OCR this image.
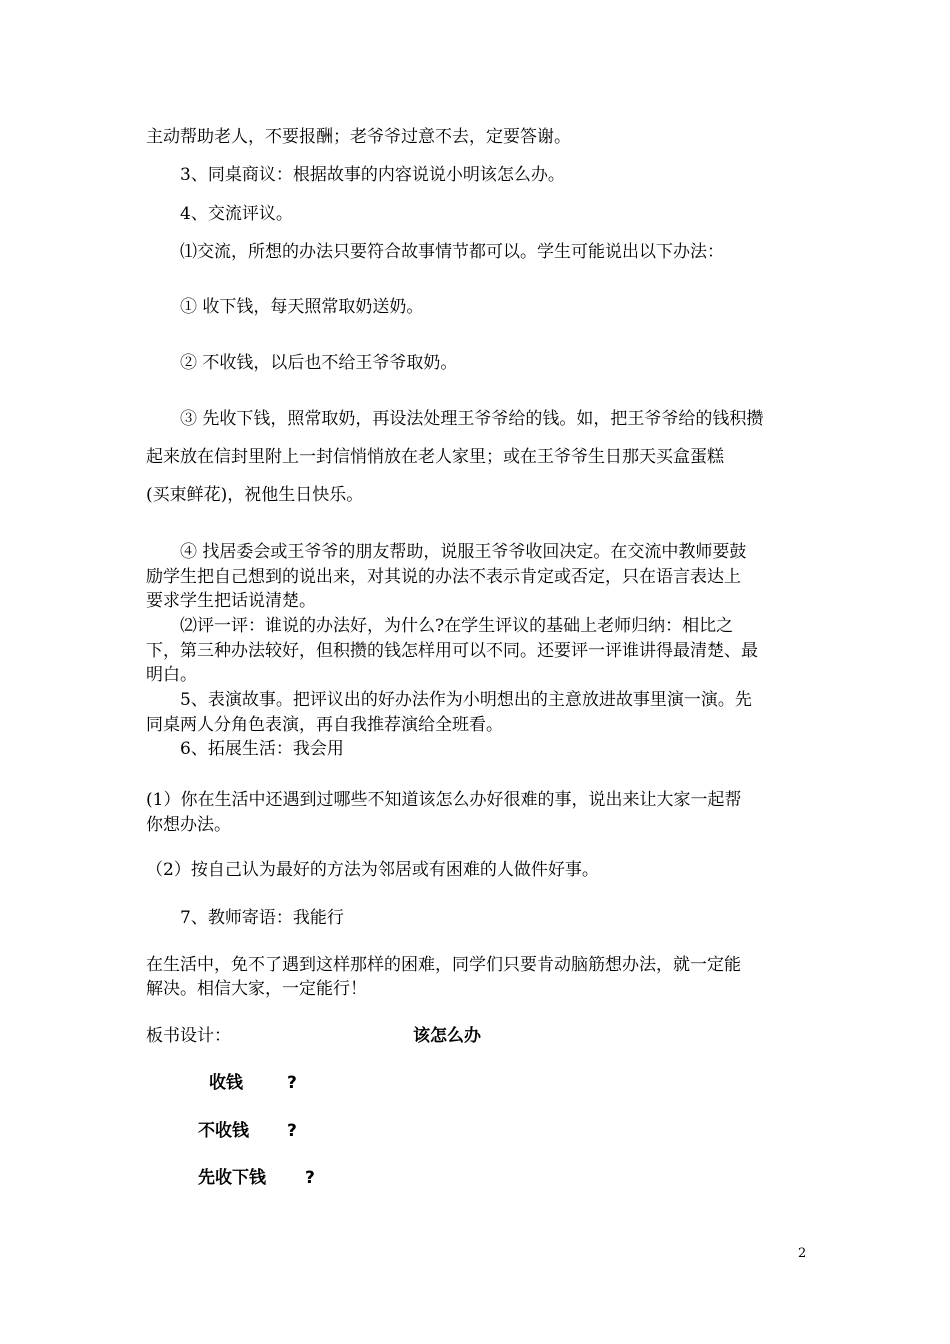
主动帮助老人，不要报酬；老爷爷过意不去，定要答谢。

3、同桌商议：根据故事的内容说说小明该怎么办。

4、交流评议。

⑴交流，所想的办法只要符合故事情节都可以。学生可能说出以下办法：

① 收下钱，每天照常取奶送奶。

② 不收钱，以后也不给王爷爷取奶。

③ 先收下钱，照常取奶，再设法处理王爷爷给的钱。如，把王爷爷给的钱积攒

起来放在信封里附上一封信悄悄放在老人家里；或在王爷爷生日那天买盒蛋糕

(买束鲜花)，祝他生日快乐。

④ 找居委会或王爷爷的朋友帮助，说服王爷爷收回决定。在交流中教师要鼓

励学生把自己想到的说出来，对其说的办法不表示肯定或否定，只在语言表达上

要求学生把话说清楚。

⑵评一评：谁说的办法好，为什么?在学生评议的基础上老师归纳：相比之

下，第三种办法较好，但积攒的钱怎样用可以不同。还要评一评谁讲得最清楚、最

明白。

5、表演故事。把评议出的好办法作为小明想出的主意放进故事里演一演。先

同桌两人分角色表演，再自我推荐演给全班看。

6、拓展生活：我会用

(1）你在生活中还遇到过哪些不知道该怎么办好很难的事，说出来让大家一起帮

你想办法。

（2）按自己认为最好的方法为邻居或有困难的人做件好事。

7、教师寄语：我能行

在生活中，免不了遇到这样那样的困难，同学们只要肯动脑筋想办法，就一定能

解决。相信大家，一定能行！

板书设计：	该怎么办

收钱	?

不收钱 ?

先收下钱 ?

2
